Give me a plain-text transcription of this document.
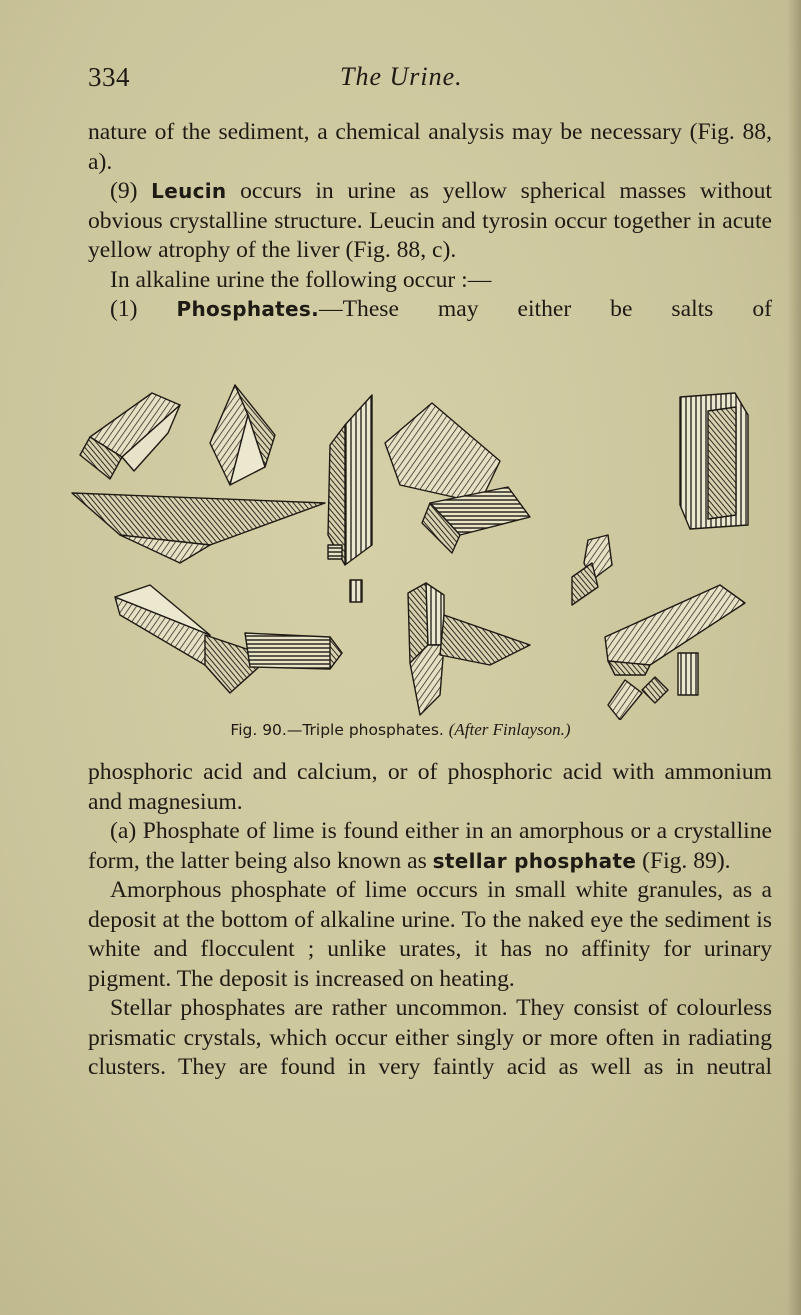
334	The Urine.

nature of the sediment, a chemical analysis may be necessary (Fig. 88, a).

(9) Leucin occurs in urine as yellow spherical masses without obvious crystalline structure. Leucin and tyrosin occur together in acute yellow atrophy of the liver (Fig. 88, c).

In alkaline urine the following occur :—

(1) Phosphates.—These may either be salts of

Fig. 90.—Triple phosphates. (After Finlayson.)

phosphoric acid and calcium, or of phosphoric acid with ammonium and magnesium.

(a) Phosphate of lime is found either in an amorphous or a crystalline form, the latter being also known as stellar phosphate (Fig. 89).

Amorphous phosphate of lime occurs in small white granules, as a deposit at the bottom of alkaline urine. To the naked eye the sediment is white and flocculent ; unlike urates, it has no affinity for urinary pigment. The deposit is increased on heating.

Stellar phosphates are rather uncommon. They consist of colourless prismatic crystals, which occur either singly or more often in radiating clusters. They are found in very faintly acid as well as in neutral
